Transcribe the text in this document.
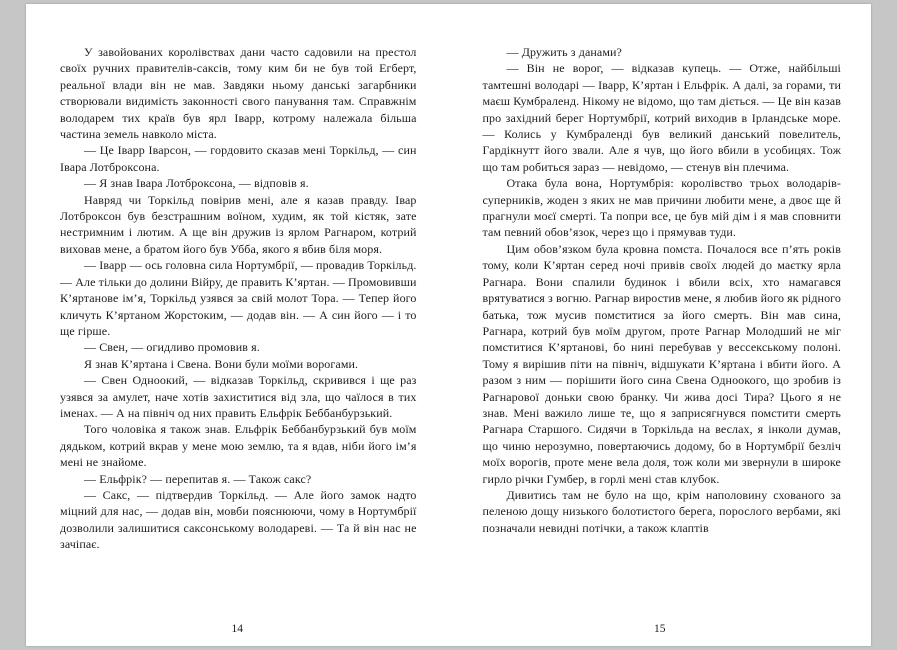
У завойованих королівствах дани часто садовили на престол своїх ручних правителів-саксів, тому ким би не був той Егберт, реальної влади він не мав. Завдяки ньому данські загарбники створювали видимість законності свого панування там. Справжнім володарем тих країв був ярл Іварр, котрому належала більша частина земель навколо міста.

— Це Іварр Іварсон, — гордовито сказав мені Торкільд, — син Івара Лотброксона.

— Я знав Івара Лотброксона, — відповів я.

Навряд чи Торкільд повірив мені, але я казав правду. Івар Лотброксон був безстрашним воїном, худим, як той кістяк, зате нестримним і лютим. А ще він дружив із ярлом Рагнаром, котрий виховав мене, а братом його був Убба, якого я вбив біля моря.

— Іварр — ось головна сила Нортумбрії, — провадив Торкільд. — Але тільки до долини Війру, де править К’яртан. — Промовивши К’яртанове ім’я, Торкільд узявся за свій молот Тора. — Тепер його кличуть К’яртаном Жорстоким, — додав він. — А син його — і то ще гірше.

— Свен, — огидливо промовив я.

Я знав К’яртана і Свена. Вони були моїми ворогами.

— Свен Одноокий, — відказав Торкільд, скривився і ще раз узявся за амулет, наче хотів захиститися від зла, що чаїлося в тих іменах. — А на північ од них править Ельфрік Беббанбурзький.

Того чоловіка я також знав. Ельфрік Беббанбурзький був моїм дядьком, котрий вкрав у мене мою землю, та я вдав, ніби його ім’я мені не знайоме.

— Ельфрік? — перепитав я. — Також сакс?

— Сакс, — підтвердив Торкільд. — Але його замок надто міцний для нас, — додав він, мовби пояснюючи, чому в Нортумбрії дозволили залишитися саксонському володареві. — Та й він нас не зачіпає.

14

— Дружить з данами?

— Він не ворог, — відказав купець. — Отже, найбільші тамтешні володарі — Іварр, К’яртан і Ельфрік. А далі, за горами, ти маєш Кумбраленд. Нікому не відомо, що там діється. — Це він казав про західний берег Нортумбрії, котрий виходив в Ірландське море. — Колись у Кумбраленді був великий данський повелитель, Гардікнутт його звали. Але я чув, що його вбили в усобицях. Тож що там робиться зараз — невідомо, — стенув він плечима.

Отака була вона, Нортумбрія: королівство трьох володарів-суперників, жоден з яких не мав причини любити мене, а двоє ще й прагнули моєї смерті. Та попри все, це був мій дім і я мав сповнити там певний обов’язок, через що і прямував туди.

Цим обов’язком була кровна помста. Почалося все п’ять років тому, коли К’яртан серед ночі привів своїх людей до маєтку ярла Рагнара. Вони спалили будинок і вбили всіх, хто намагався врятуватися з вогню. Рагнар виростив мене, я любив його як рідного батька, тож мусив помститися за його смерть. Він мав сина, Рагнара, котрий був моїм другом, проте Рагнар Молодший не міг помститися К’яртанові, бо нині перебував у вессекському полоні. Тому я вирішив піти на північ, відшукати К’яртана і вбити його. А разом з ним — порішити його сина Свена Одноокого, що зробив із Рагнарової доньки свою бранку. Чи жива досі Тира? Цього я не знав. Мені важило лише те, що я заприсягнувся помстити смерть Рагнара Старшого. Сидячи в Торкільда на веслах, я інколи думав, що чиню нерозумно, повертаючись додому, бо в Нортумбрії безліч моїх ворогів, проте мене вела доля, тож коли ми звернули в широке гирло річки Гумбер, в горлі мені став клубок.

Дивитись там не було на що, крім наполовину схованого за пеленою дощу низького болотистого берега, порослого вербами, які позначали невидні потічки, а також клаптів

15
